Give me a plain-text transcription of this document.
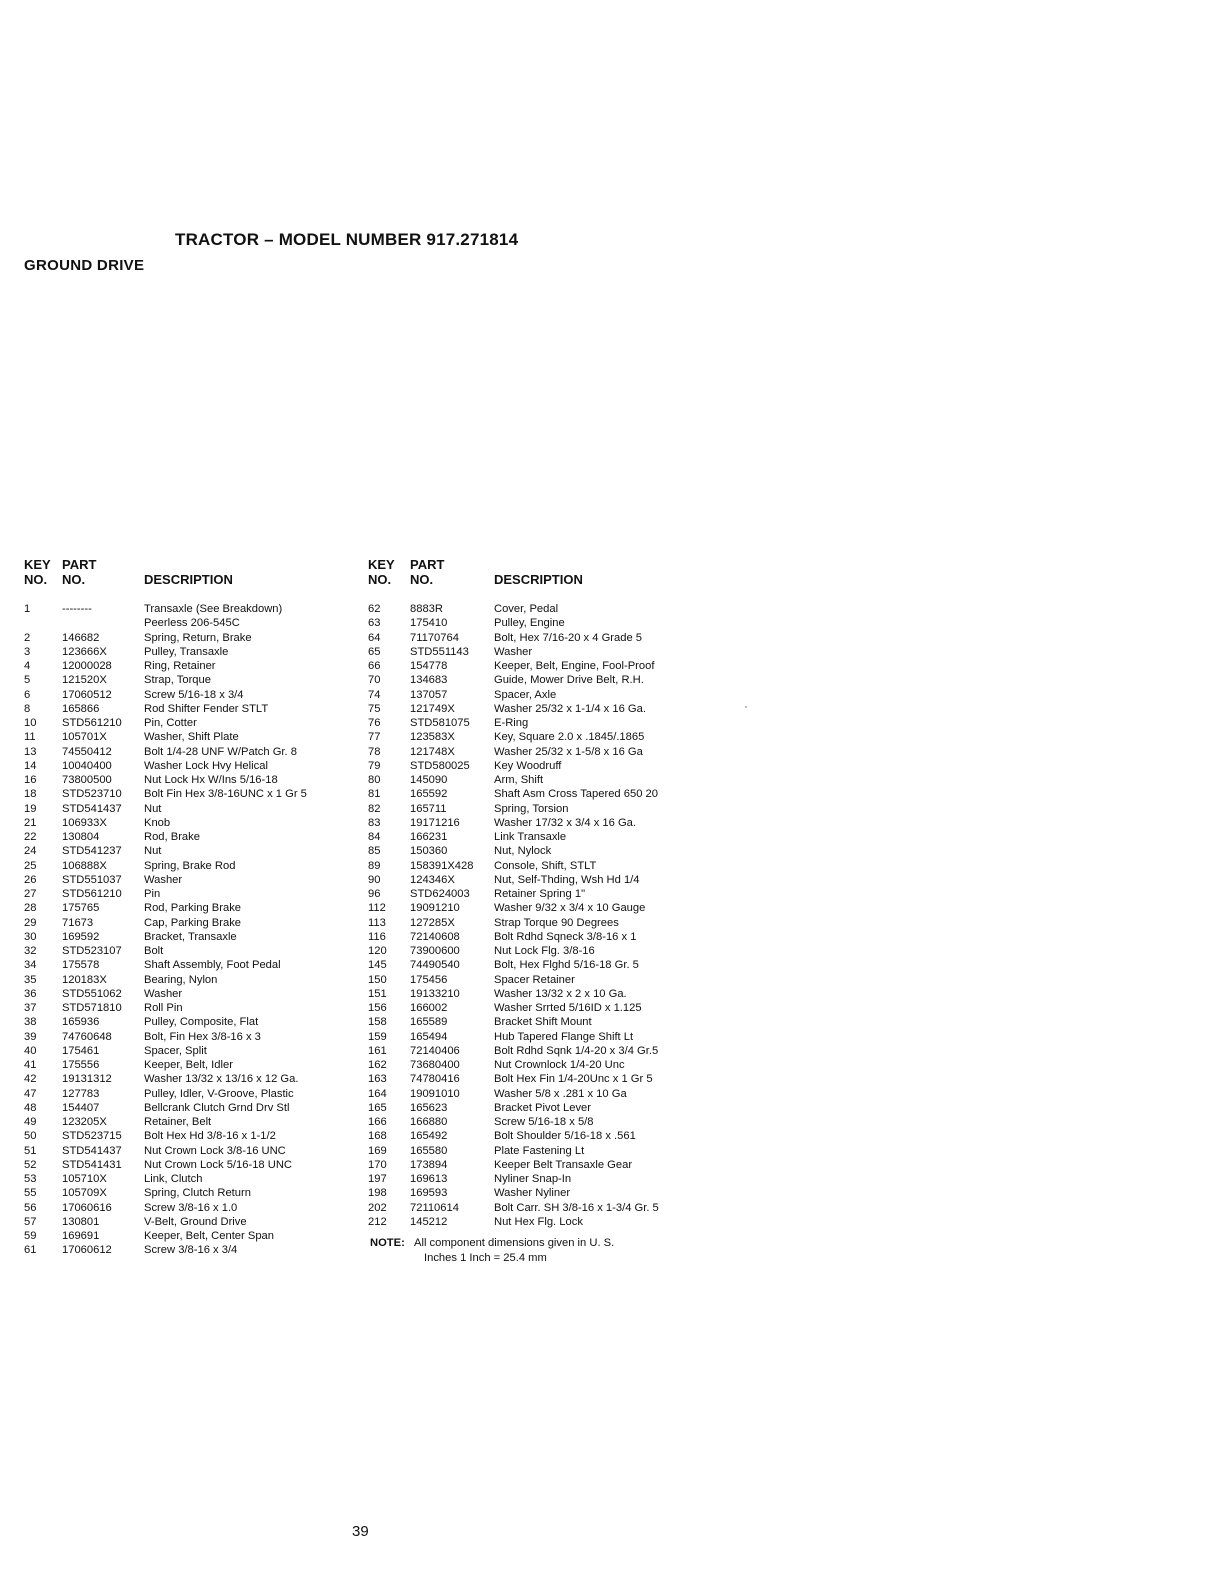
TRACTOR – MODEL NUMBER 917.271814
GROUND DRIVE
KEY	PART	
NO.	NO.	DESCRIPTION

1	--------	Transaxle (See Breakdown)
		Peerless 206-545C
2	146682	Spring, Return, Brake
3	123666X	Pulley, Transaxle
4	12000028	Ring, Retainer
5	121520X	Strap, Torque
6	17060512	Screw 5/16-18 x 3/4
8	165866	Rod Shifter Fender STLT
10	STD561210	Pin, Cotter
11	105701X	Washer, Shift Plate
13	74550412	Bolt 1/4-28 UNF W/Patch Gr. 8
14	10040400	Washer Lock Hvy Helical
16	73800500	Nut Lock Hx W/Ins 5/16-18
18	STD523710	Bolt Fin Hex 3/8-16UNC x 1 Gr 5
19	STD541437	Nut
21	106933X	Knob
22	130804	Rod, Brake
24	STD541237	Nut
25	106888X	Spring, Brake Rod
26	STD551037	Washer
27	STD561210	Pin
28	175765	Rod, Parking Brake
29	71673	Cap, Parking Brake
30	169592	Bracket, Transaxle
32	STD523107	Bolt
34	175578	Shaft Assembly, Foot Pedal
35	120183X	Bearing, Nylon
36	STD551062	Washer
37	STD571810	Roll Pin
38	165936	Pulley, Composite, Flat
39	74760648	Bolt, Fin Hex 3/8-16 x 3
40	175461	Spacer, Split
41	175556	Keeper, Belt, Idler
42	19131312	Washer 13/32 x 13/16 x 12 Ga.
47	127783	Pulley, Idler, V-Groove, Plastic
48	154407	Bellcrank Clutch Grnd Drv Stl
49	123205X	Retainer, Belt
50	STD523715	Bolt Hex Hd 3/8-16 x 1-1/2
51	STD541437	Nut Crown Lock 3/8-16 UNC
52	STD541431	Nut Crown Lock 5/16-18 UNC
53	105710X	Link, Clutch
55	105709X	Spring, Clutch Return
56	17060616	Screw 3/8-16 x 1.0
57	130801	V-Belt, Ground Drive
59	169691	Keeper, Belt, Center Span
61	17060612	Screw 3/8-16 x 3/4
KEY	PART	
NO.	NO.	DESCRIPTION

62	8883R	Cover, Pedal
63	175410	Pulley, Engine
64	71170764	Bolt, Hex 7/16-20 x 4 Grade 5
65	STD551143	Washer
66	154778	Keeper, Belt, Engine, Fool-Proof
70	134683	Guide, Mower Drive Belt, R.H.
74	137057	Spacer, Axle
75	121749X	Washer 25/32 x 1-1/4 x 16 Ga.
76	STD581075	E-Ring
77	123583X	Key, Square 2.0 x .1845/.1865
78	121748X	Washer 25/32 x 1-5/8 x 16 Ga
79	STD580025	Key Woodruff
80	145090	Arm, Shift
81	165592	Shaft Asm Cross Tapered 650 20
82	165711	Spring, Torsion
83	19171216	Washer 17/32 x 3/4 x 16 Ga.
84	166231	Link Transaxle
85	150360	Nut, Nylock
89	158391X428	Console, Shift, STLT
90	124346X	Nut, Self-Thding, Wsh Hd 1/4
96	STD624003	Retainer Spring 1"
112	19091210	Washer 9/32 x 3/4 x 10 Gauge
113	127285X	Strap Torque 90 Degrees
116	72140608	Bolt Rdhd Sqneck 3/8-16 x 1
120	73900600	Nut Lock Flg. 3/8-16
145	74490540	Bolt, Hex Flghd 5/16-18 Gr. 5
150	175456	Spacer Retainer
151	19133210	Washer 13/32 x 2 x 10 Ga.
156	166002	Washer Srrted 5/16ID x 1.125
158	165589	Bracket Shift Mount
159	165494	Hub Tapered Flange Shift Lt
161	72140406	Bolt Rdhd Sqnk 1/4-20 x 3/4 Gr.5
162	73680400	Nut Crownlock 1/4-20 Unc
163	74780416	Bolt Hex Fin 1/4-20Unc x 1 Gr 5
164	19091010	Washer 5/8 x .281 x 10 Ga
165	165623	Bracket Pivot Lever
166	166880	Screw 5/16-18 x 5/8
168	165492	Bolt Shoulder 5/16-18 x .561
169	165580	Plate Fastening Lt
170	173894	Keeper Belt Transaxle Gear
197	169613	Nyliner Snap-In
198	169593	Washer Nyliner
202	72110614	Bolt Carr. SH 3/8-16 x 1-3/4 Gr. 5
212	145212	Nut Hex Flg. Lock
NOTE: All component dimensions given in U. S.
Inches 1 Inch = 25.4 mm
39
